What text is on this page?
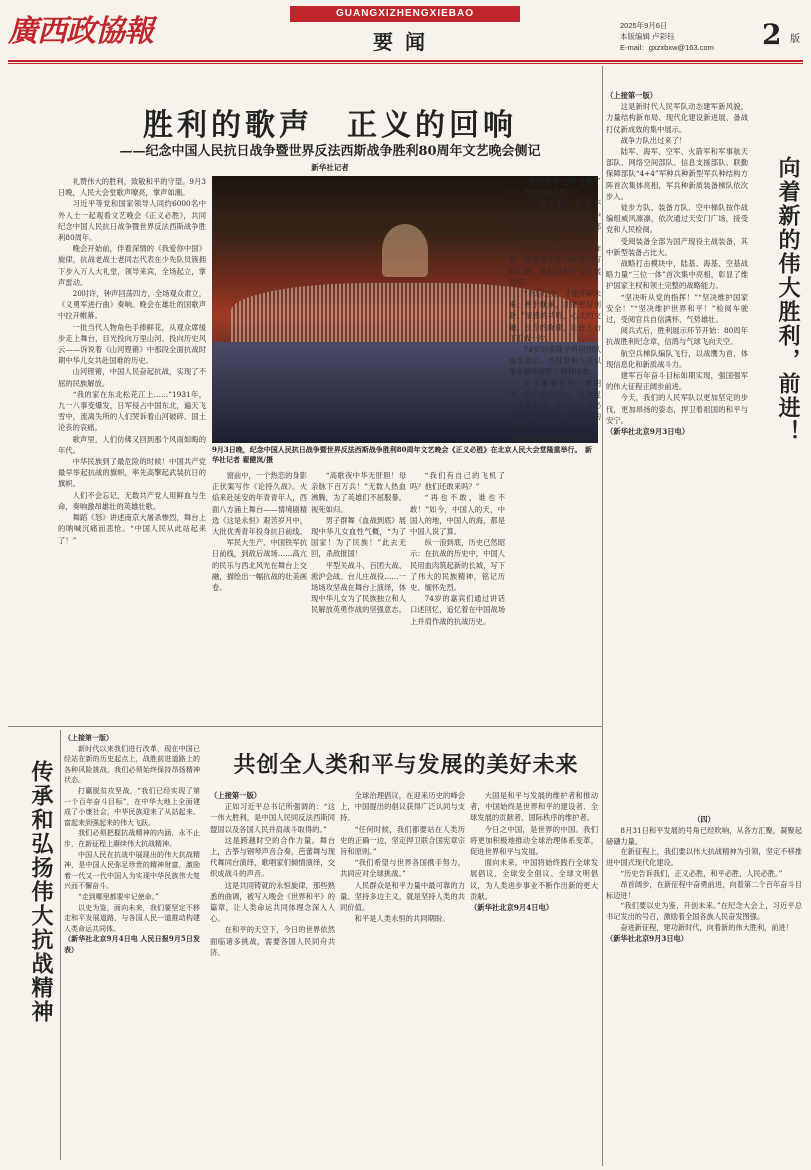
廣西政協報
GUANGXIZHENGXIEBAO
要闻
2025年9月6日
本版编辑 卢彩钰
E-mail：gxzxbxw@163.com	2 版
胜利的歌声　正义的回响
——纪念中国人民抗日战争暨世界反法西斯战争胜利80周年文艺晚会侧记
新华社记者
9月3日晚，纪念中国人民抗日战争暨世界反法西斯战争胜利80周年文艺晚会《正义必胜》在北京人民大会堂隆重举行。　新华社记者 翟健岚/摄

礼赞伟大的胜利，致敬和平的守望。9月3日晚，人民大会堂歌声嘹亮，掌声如潮。

习近平等党和国家领导人同约6000名中外人士一起观看文艺晚会《正义必胜》，共同纪念中国人民抗日战争暨世界反法西斯战争胜利80周年。

晚会开始前，伴着深情的《我爱你中国》旋律，抗战老战士老同志代表在少先队员簇拥下步入万人大礼堂，领导来宾，全场起立，掌声雷动。

20时许，钟声回荡四方，全场观众肃立，《义勇军进行曲》奏响。晚会在雄壮的国歌声中拉开帷幕。

一批当代人物角色手捧鲜花，从观众席缓步走上舞台，目光投向万里山河、投向历史风云——诉说着《山河铿锵》中那段全面抗战时期中华儿女共赴国难的历史。

山河铿锵，中国人民奋起抗战，实现了不屈的民族解放。

“我的家在东北松花江上……”1931年，九一八事变爆发，日军侵占中国东北，遍天飞雪中，流离失所的人们哭诉着山河破碎、国土沦丧的哀痛。

歌声里，人们仿佛又回到那个风雨如晦的年代。

中华民族到了最危险的时候！中国共产党最早举起抗战的旗帜，率先高擎起武装抗日的旗帜。

人们不会忘记，无数共产党人用鲜血与生命，奏响激昂雄壮的英雄壮歌。

舞蹈《怒》讲述南京大屠杀惨烈，舞台上的呐喊沉痛而悲怆。“中国人民从此站起来了！”

窗前中，一个热恋的身影正伏案写作《论持久战》。火焰来赴延安的年青青年人，西面八方涌上舞台——情境剧精选《这是永恒》艰苦岁月中，大批优秀青年投身抗日前线。

军民大生产、中国铁军抗日前线，到敌后战场……高亢的民乐与西北风光在舞台上交融，描绘出一幅抗战的壮美画卷。

“高歌夜中华无肝胆！母亲脉下百万兵！”无数人热血沸腾，为了英雄们不屈服暴，视死如归。

男子群舞《血战到底》展现中华儿女血性气概，“为了国家！为了民族！”此去无回，杀敌报国！

平型关战斗、百团大战、淞沪会战、台儿庄战役……一场场攻坚战在舞台上演绎，体现中华儿女为了民族独立和人民解放英勇作战的坚强意志。

“我们有自己的飞机了吗？他们还敢来吗？”

“再也不敢，谁也不敢！”如今，中国人的天，中国人的地，中国人的海，都是中国人说了算。

纵一浪到底，历史已然昭示：在抗战的历史中，中国人民用血肉筑起新的长城，写下了伟大的民族精神，铭记历史、缅怀先烈。

74岁的嘉宾们通过讲话口述回忆，追忆着在中国战场上并肩作战的抗战历史。

“我们有自己的飞机了吗？他们还敢来吗？”

“再也不敢，谁也不敢！”如今，中国人的天，中国人的地，中国人的海，都是中国人说了算。

同一时刻，历史已然作答：先辈以生命与鲜血书写的心愿，我们以和平与发展回应。

“不忘历史，才能开辟未来；善于继承，才能更好创新。”情感的共鸣，心灵的交融，总令的旋律，让台上台下汇成一片。

74岁的袁隆平科研团队成员表示，当时党和人民以革命精神战胜了种种困难。

正义事业长存，黎明中，我们铭记历史，民族复兴步履不停，和平与发展必将在世界各地开出更绚丽的花朵。

（新华社北京9月4日电）

（上接第一版）

这是新时代人民军队动态建军新风貌，力量结构新布局、现代化建设新进展、备战打仗新成效的集中展示。

战争力队出过来了！

陆军、海军、空军、火箭军和军事航天部队、网络空间部队、信息支援部队、联勤保障部队“4+4”军种兵种新型军兵种结构方阵首次集体亮相，军兵种新质装备梯队依次步入。

徒步方队、装备方队、空中梯队按作战编组威风凛凛，依次通过天安门广场，接受党和人民检阅。

受阅装备全部为国产现役主战装备，其中新型装备占比大。

战略打击模块中，陆基、海基、空基战略力量“三位一体”首次集中亮相，彰显了维护国家主权和领土完整的战略能力。

“坚决听从党的指挥！”“坚决维护国家安全！”“坚决维护世界和平！”检阅车驶过，受阅官兵自信满怀、气势雄壮。

阅兵式后，胜利展示环节开始：80周年抗战胜利纪念章，信鸽与气球飞向天空。

航空兵梯队编队飞行，以战鹰为首，体现信息化和新质战斗力。

建军百年奋斗目标如期实现，强国强军的伟大征程正阔步前进。

今天，我们的人民军队以更加坚定的步伐，更加昂扬的姿态，捍卫着祖国的和平与安宁。

（新华社北京9月3日电）	向着新的伟大胜利，前进！
传承和弘扬伟大抗战精神

（上接第一版）

新时代以来我们进行改革，现在中国已经站在新的历史起点上，战胜前进道路上的各种风险挑战，我们必须始终保持昂扬精神状态。

打赢脱贫攻坚战，“我们已经实现了第一个百年奋斗目标”，在中华大地上全面建成了小康社会，中华民族迎来了从站起来、富起来到强起来的伟大飞跃。

我们必须把握抗战精神的内涵，永不止步，在新征程上赓续伟大抗战精神。

中国人民在抗战中展现出的伟大抗战精神，是中国人民弥足珍贵的精神财富，激励着一代又一代中国人为实现中华民族伟大复兴而不懈奋斗。

“走到哪里都要牢记使命。”

以史为鉴，面向未来，我们要坚定不移走和平发展道路，与各国人民一道推动构建人类命运共同体。

（新华社北京9月4日电 人民日报9月5日发表）

共创全人类和平与发展的美好未来

（上接第一版）

正如习近平总书记所强调的：“这一伟大胜利，是中国人民同反法西斯同盟国以及各国人民并肩战斗取得的。”

这是跨越时空的合作力量。舞台上，古筝与钢琴声音合奏，芭蕾舞与现代舞同台演绎，歌唱家们倾情演绎，交织成战斗的声音。

这是共同铸就的永恒旋律，那些熟悉的曲调，被写入晚会《世界和平》的篇章，让人类命运共同体理念深入人心。

在和平的天空下，今日的世界依然面临诸多挑战，需要各国人民同舟共济。

全球治理倡议，在迎来历史的峰会上，中国提出的倡议获得广泛认同与支持。

“任何时候，我们都要站在人类历史的正确一边，坚定捍卫联合国宪章宗旨和原则。”

“我们希望与世界各国携手努力，共同应对全球挑战。”

人民群众是和平力量中最可靠的力量。坚持多边主义，就是坚持人类的共同价值。

和平是人类永恒的共同期盼。

大国是和平与发展的维护者和推动者，中国始终是世界和平的建设者、全球发展的贡献者、国际秩序的维护者。

今日之中国，是世界的中国。我们将更加积极地推动全球治理体系变革，促进世界和平与发展。

面向未来，中国将始终践行全球发展倡议、全球安全倡议、全球文明倡议，为人类进步事业不断作出新的更大贡献。

（新华社北京9月4日电）

（四）

8月31日和平发展的号角已经吹响，从各方汇聚，凝聚起磅礴力量。

在新征程上，我们要以伟大抗战精神为引领，坚定不移推进中国式现代化建设。

“历史告诉我们，正义必胜，和平必胜，人民必胜。”

昂首阔步，在新征程中奋勇前进，向着第二个百年奋斗目标迈进！

“我们要以史为鉴，开创未来。”在纪念大会上，习近平总书记发出的号召，激励着全国各族人民奋发图强。

奋进新征程，建功新时代，向着新的伟大胜利，前进！

（新华社北京9月3日电）
